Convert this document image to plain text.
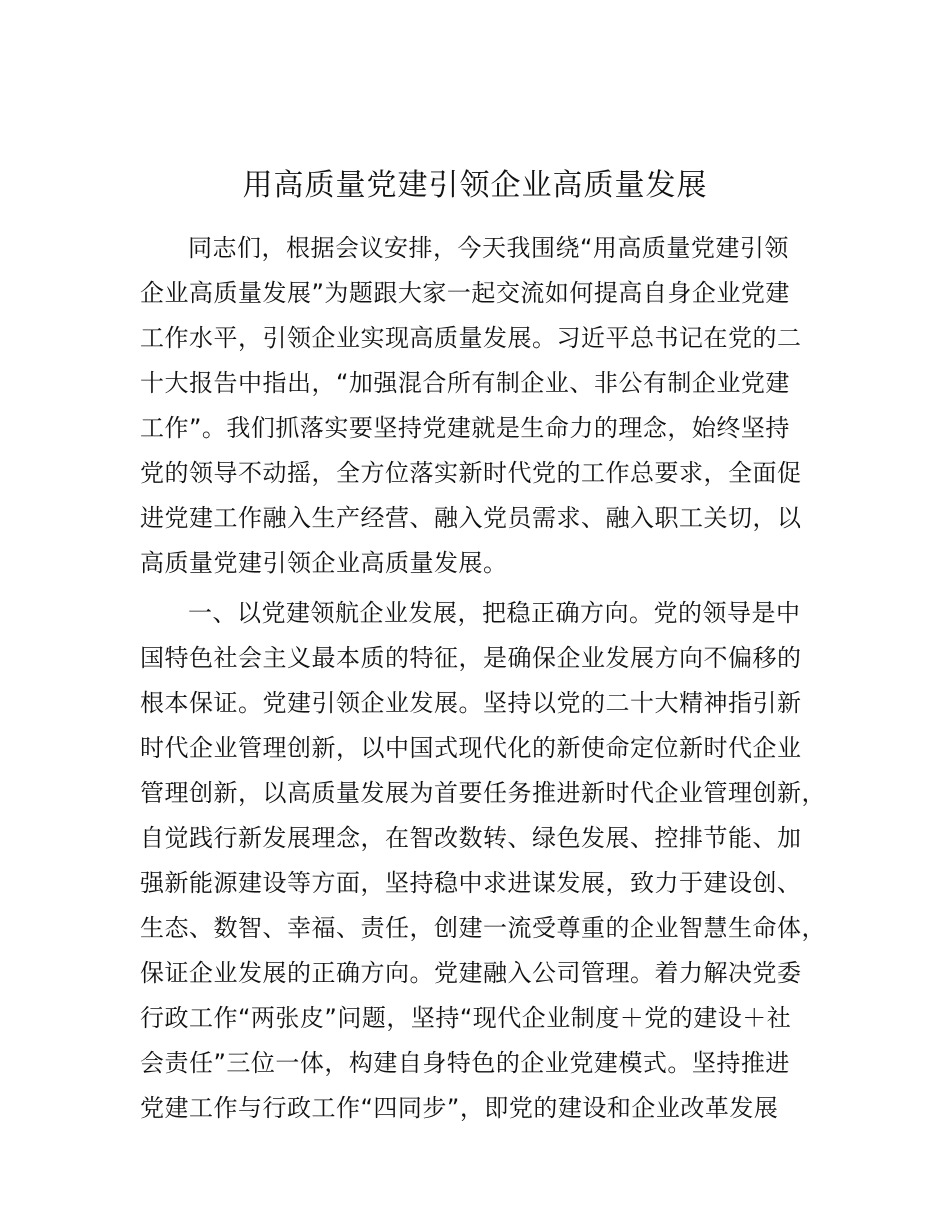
用高质量党建引领企业高质量发展
同志们，根据会议安排，今天我围绕“用高质量党建引领
企业高质量发展”为题跟大家一起交流如何提高自身企业党建
工作水平，引领企业实现高质量发展。习近平总书记在党的二
十大报告中指出，“加强混合所有制企业、非公有制企业党建
工作”。我们抓落实要坚持党建就是生命力的理念，始终坚持
党的领导不动摇，全方位落实新时代党的工作总要求，全面促
进党建工作融入生产经营、融入党员需求、融入职工关切，以
高质量党建引领企业高质量发展。
一、以党建领航企业发展，把稳正确方向。党的领导是中
国特色社会主义最本质的特征，是确保企业发展方向不偏移的
根本保证。党建引领企业发展。坚持以党的二十大精神指引新
时代企业管理创新，以中国式现代化的新使命定位新时代企业
管理创新，以高质量发展为首要任务推进新时代企业管理创新，
自觉践行新发展理念，在智改数转、绿色发展、控排节能、加
强新能源建设等方面，坚持稳中求进谋发展，致力于建设创、
生态、数智、幸福、责任，创建一流受尊重的企业智慧生命体，
保证企业发展的正确方向。党建融入公司管理。着力解决党委
行政工作“两张皮”问题，坚持“现代企业制度＋党的建设＋社
会责任”三位一体，构建自身特色的企业党建模式。坚持推进
党建工作与行政工作“四同步”，即党的建设和企业改革发展
